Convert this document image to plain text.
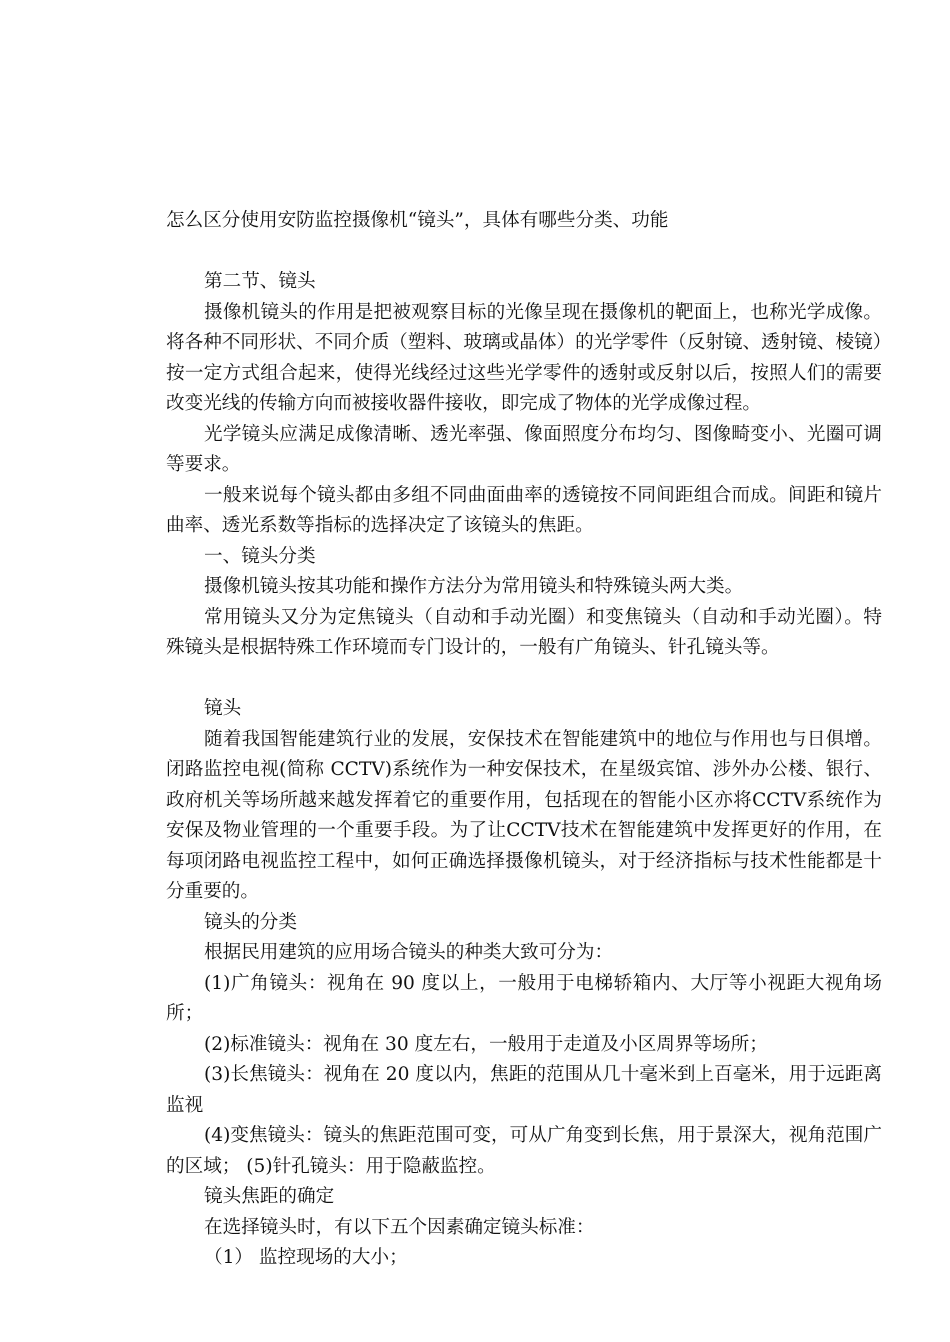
怎么区分使用安防监控摄像机“镜头”，具体有哪些分类、功能

第二节、镜头

摄像机镜头的作用是把被观察目标的光像呈现在摄像机的靶面上，也称光学成像。将各种不同形状、不同介质（塑料、玻璃或晶体）的光学零件（反射镜、透射镜、棱镜）按一定方式组合起来，使得光线经过这些光学零件的透射或反射以后，按照人们的需要改变光线的传输方向而被接收器件接收，即完成了物体的光学成像过程。

光学镜头应满足成像清晰、透光率强、像面照度分布均匀、图像畸变小、光圈可调等要求。

一般来说每个镜头都由多组不同曲面曲率的透镜按不同间距组合而成。间距和镜片曲率、透光系数等指标的选择决定了该镜头的焦距。

一、镜头分类

摄像机镜头按其功能和操作方法分为常用镜头和特殊镜头两大类。

常用镜头又分为定焦镜头（自动和手动光圈）和变焦镜头（自动和手动光圈）。特殊镜头是根据特殊工作环境而专门设计的，一般有广角镜头、针孔镜头等。

镜头

随着我国智能建筑行业的发展，安保技术在智能建筑中的地位与作用也与日俱增。闭路监控电视(简称 CCTV)系统作为一种安保技术，在星级宾馆、涉外办公楼、银行、政府机关等场所越来越发挥着它的重要作用，包括现在的智能小区亦将CCTV系统作为安保及物业管理的一个重要手段。为了让CCTV技术在智能建筑中发挥更好的作用，在每项闭路电视监控工程中，如何正确选择摄像机镜头，对于经济指标与技术性能都是十分重要的。

镜头的分类

根据民用建筑的应用场合镜头的种类大致可分为：

(1)广角镜头：视角在 90 度以上，一般用于电梯轿箱内、大厅等小视距大视角场所；

(2)标准镜头：视角在 30 度左右，一般用于走道及小区周界等场所；

(3)长焦镜头：视角在 20 度以内，焦距的范围从几十毫米到上百毫米，用于远距离监视

(4)变焦镜头：镜头的焦距范围可变，可从广角变到长焦，用于景深大，视角范围广的区域； (5)针孔镜头：用于隐蔽监控。

镜头焦距的确定

在选择镜头时，有以下五个因素确定镜头标准：

（1） 监控现场的大小；
